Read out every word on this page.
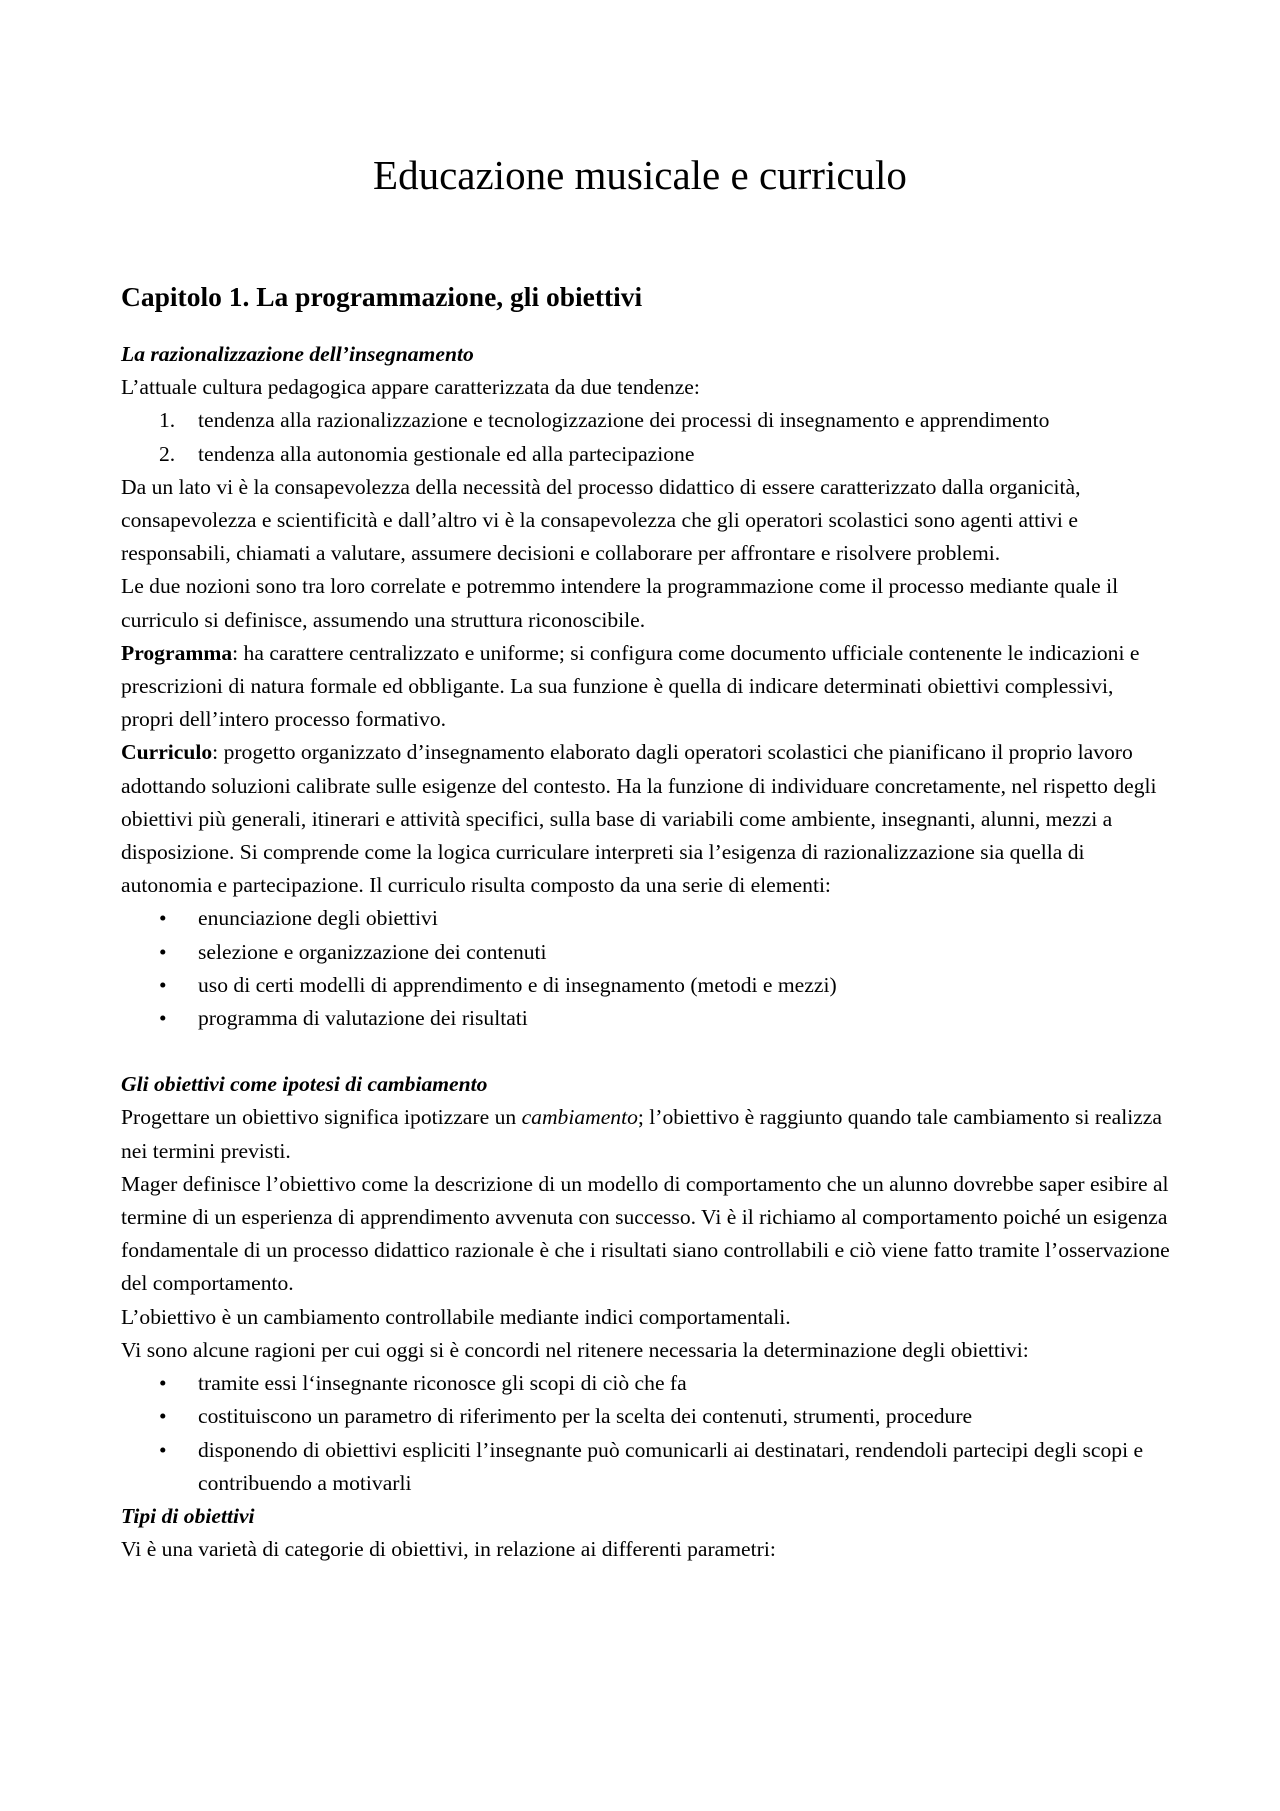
Educazione musicale e curriculo
Capitolo 1. La programmazione, gli obiettivi

La razionalizzazione dell’insegnamento

L’attuale cultura pedagogica appare caratterizzata da due tendenze:

1.	tendenza alla razionalizzazione e tecnologizzazione dei processi di insegnamento e apprendimento
2.	tendenza alla autonomia gestionale ed alla partecipazione

Da un lato vi è la consapevolezza della necessità del processo didattico di essere caratterizzato dalla organicità, consapevolezza e scientificità e dall’altro vi è la consapevolezza che gli operatori scolastici sono agenti attivi e responsabili, chiamati a valutare, assumere decisioni e collaborare per affrontare e risolvere problemi.

Le due nozioni sono tra loro correlate e potremmo intendere la programmazione come il processo mediante quale il curriculo si definisce, assumendo una struttura riconoscibile.

Programma: ha carattere centralizzato e uniforme; si configura come documento ufficiale contenente le indicazioni e prescrizioni di natura formale ed obbligante. La sua funzione è quella di indicare determinati obiettivi complessivi, propri dell’intero processo formativo.

Curriculo: progetto organizzato d’insegnamento elaborato dagli operatori scolastici che pianificano il proprio lavoro adottando soluzioni calibrate sulle esigenze del contesto. Ha la funzione di individuare concretamente, nel rispetto degli obiettivi più generali, itinerari e attività specifici, sulla base di variabili come ambiente, insegnanti, alunni, mezzi a disposizione. Si comprende come la logica curriculare interpreti sia l’esigenza di razionalizzazione sia quella di autonomia e partecipazione. Il curriculo risulta composto da una serie di elementi:

•	enunciazione degli obiettivi
•	selezione e organizzazione dei contenuti
•	uso di certi modelli di apprendimento e di insegnamento (metodi e mezzi)
•	programma di valutazione dei risultati

Gli obiettivi come ipotesi di cambiamento

Progettare un obiettivo significa ipotizzare un cambiamento; l’obiettivo è raggiunto quando tale cambiamento si realizza nei termini previsti.

Mager definisce l’obiettivo come la descrizione di un modello di comportamento che un alunno dovrebbe saper esibire al termine di un esperienza di apprendimento avvenuta con successo. Vi è il richiamo al comportamento poiché un esigenza fondamentale di un processo didattico razionale è che i risultati siano controllabili e ciò viene fatto tramite l’osservazione del comportamento.

L’obiettivo è un cambiamento controllabile mediante indici comportamentali.

Vi sono alcune ragioni per cui oggi si è concordi nel ritenere necessaria la determinazione degli obiettivi:

•	tramite essi l‘insegnante riconosce gli scopi di ciò che fa
•	costituiscono un parametro di riferimento per la scelta dei contenuti, strumenti, procedure
•	disponendo di obiettivi espliciti l’insegnante può comunicarli ai destinatari, rendendoli partecipi degli scopi e contribuendo a motivarli

Tipi di obiettivi

Vi è una varietà di categorie di obiettivi, in relazione ai differenti parametri:
